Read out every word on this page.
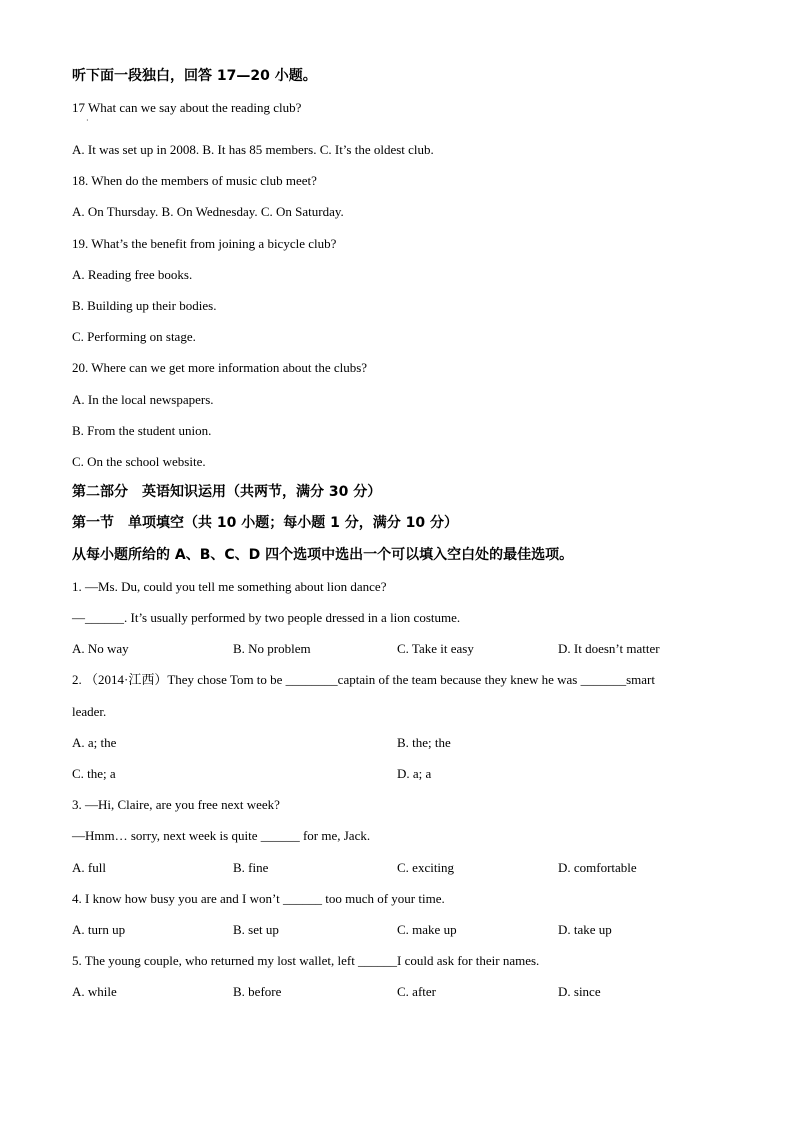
听下面一段独白，回答 17—20 小题。
17 What can we say about the reading club?
·
A. It was set up in 2008. B. It has 85 members. C. It’s the oldest club.
18. When do the members of music club meet?
A. On Thursday. B. On Wednesday. C. On Saturday.
19. What’s the benefit from joining a bicycle club?
A. Reading free books.
B. Building up their bodies.
C. Performing on stage.
20. Where can we get more information about the clubs?
A. In the local newspapers.
B. From the student union.
C. On the school website.
第二部分　英语知识运用（共两节，满分 30 分）
第一节　单项填空（共 10 小题；每小题 1 分，满分 10 分）
从每小题所给的 A、B、C、D 四个选项中选出一个可以填入空白处的最佳选项。
1. —Ms. Du, could you tell me something about lion dance?
—______. It’s usually performed by two people dressed in a lion costume.
A. No way	B. No problem	C. Take it easy	D. It doesn’t matter
2. （2014·江西）They chose Tom to be ________captain of the team because they knew he was _______smart
leader.
A. a; the	B. the; the
C. the; a	D. a; a
3. —Hi, Claire, are you free next week?
—Hmm… sorry, next week is quite ______ for me, Jack.
A. full	B. fine	C. exciting	D. comfortable
4. I know how busy you are and I won’t ______ too much of your time.
A. turn up	B. set up	C. make up	D. take up
5. The young couple, who returned my lost wallet, left ______I could ask for their names.
A. while	B. before	C. after	D. since
